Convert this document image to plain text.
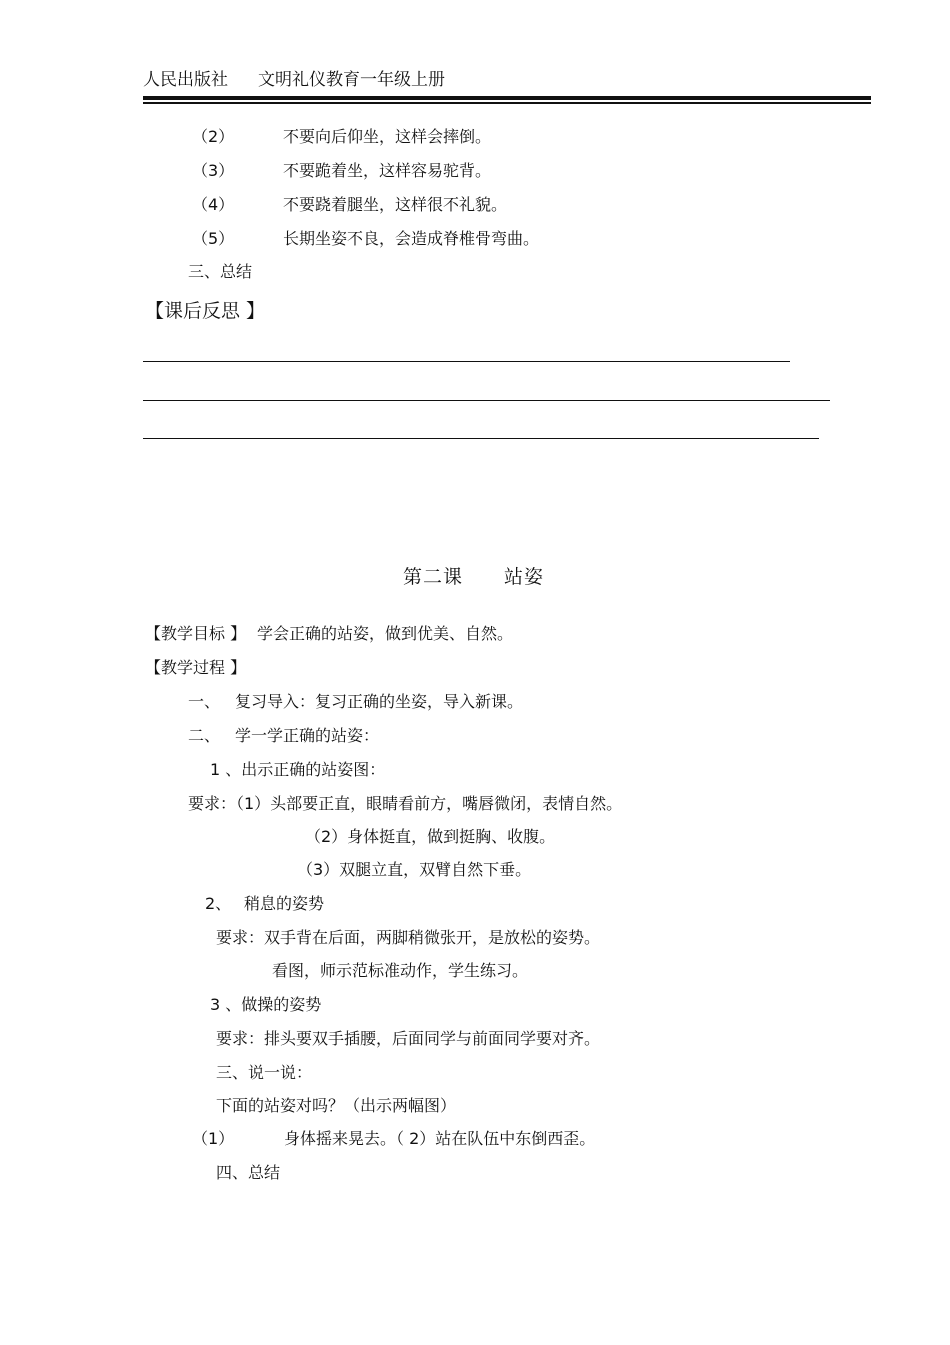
人民出版社 文明礼仪教育一年级上册
（2）	不要向后仰坐，这样会摔倒。
（3）	不要跪着坐，这样容易驼背。
（4）	不要跷着腿坐，这样很不礼貌。
（5）	长期坐姿不良，会造成脊椎骨弯曲。
三、总结
【课后反思 】
第二课 站姿
【教学目标 】 学会正确的站姿，做到优美、自然。
【教学过程 】
一、 复习导入：复习正确的坐姿，导入新课。
二、 学一学正确的站姿：
1 、出示正确的站姿图：
要求：（1）头部要正直，眼睛看前方，嘴唇微闭，表情自然。
（2）身体挺直，做到挺胸、收腹。
（3）双腿立直，双臂自然下垂。
2、 稍息的姿势
要求：双手背在后面，两脚稍微张开，是放松的姿势。
看图，师示范标准动作，学生练习。
3 、做操的姿势
要求：排头要双手插腰，后面同学与前面同学要对齐。
三、说一说：
下面的站姿对吗？（出示两幅图）
（1）	身体摇来晃去。（ 2）站在队伍中东倒西歪。
四、总结
